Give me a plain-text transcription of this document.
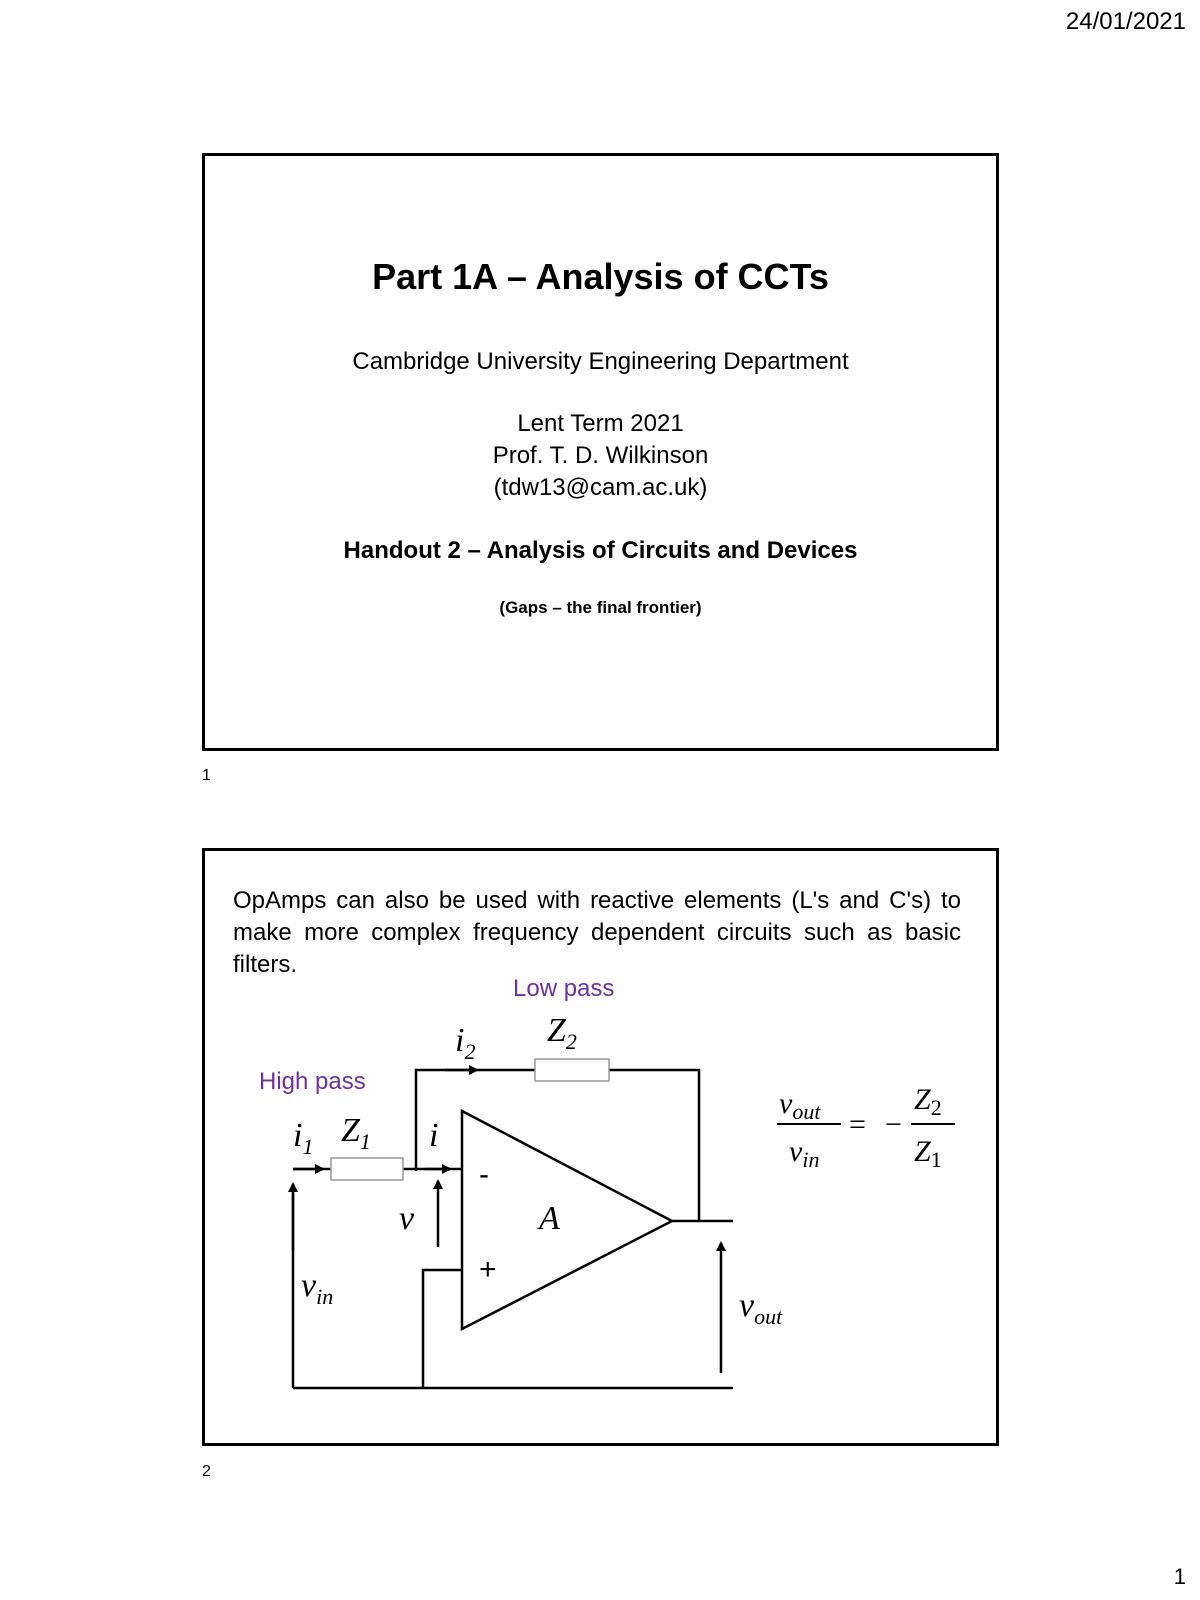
24/01/2021
Part 1A – Analysis of CCTs
Cambridge University Engineering Department
Lent Term 2021
Prof. T. D. Wilkinson
(tdw13@cam.ac.uk)
Handout 2 – Analysis of Circuits and Devices
(Gaps – the final frontier)
1
OpAmps can also be used with reactive elements (L's and C's) to make more complex frequency dependent circuits such as basic filters.
Low pass
High pass
$i_2$
$Z_2$
$i_1$ $Z_1$ i
v	A
-
+
$v_{in}$	$v_{out}$
$v_{out}$
$v_{in}$
= −
$Z_2$
$Z_1$
2
1
